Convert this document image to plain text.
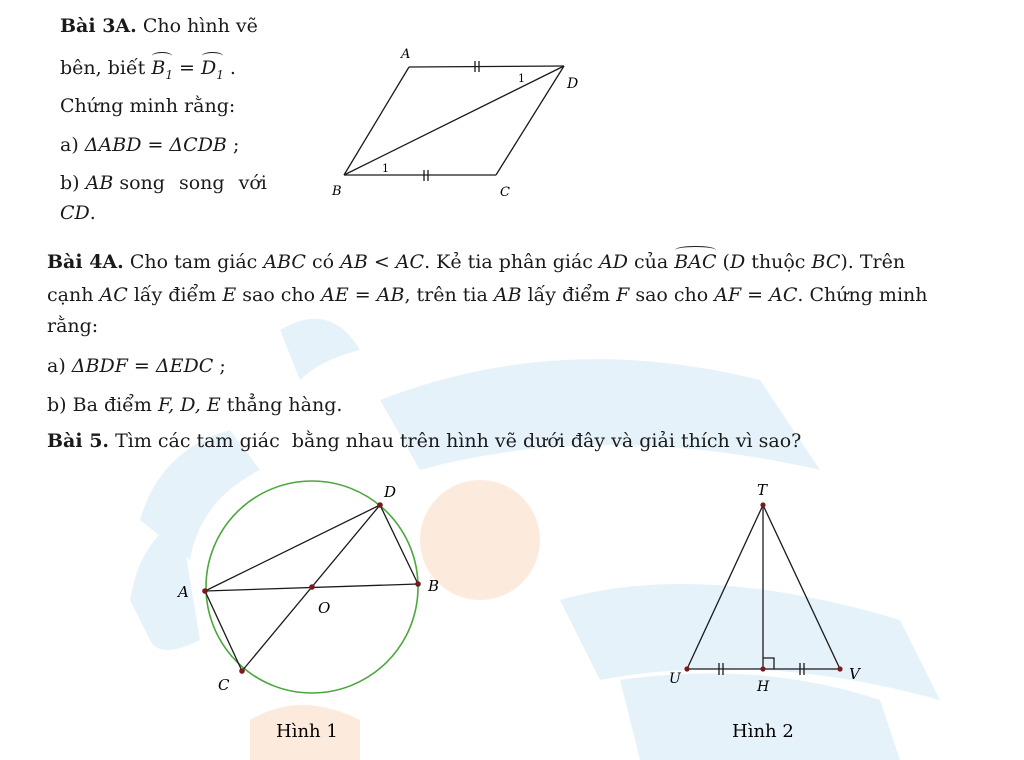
Bài 3A. Cho hình vẽ
bên, biết $B_1 = D_1$ .
Chứng minh rằng:
a) ΔABD = ΔCDB ;
b) AB song song với
CD.
A
D
B	C
1
1
Bài 4A. Cho tam giác ABC có AB < AC. Kẻ tia phân giác AD của BAC (D thuộc BC). Trên
cạnh AC lấy điểm E sao cho AE = AB, trên tia AB lấy điểm F sao cho AF = AC. Chứng minh
rằng:
a) ΔBDF = ΔEDC ;
b) Ba điểm F, D, E thẳng hàng.
Bài 5. Tìm các tam giác  bằng nhau trên hình vẽ dưới đây và giải thích vì sao?
A	B
D
C
O
Hình 1
T
U	V
H
Hình 2
